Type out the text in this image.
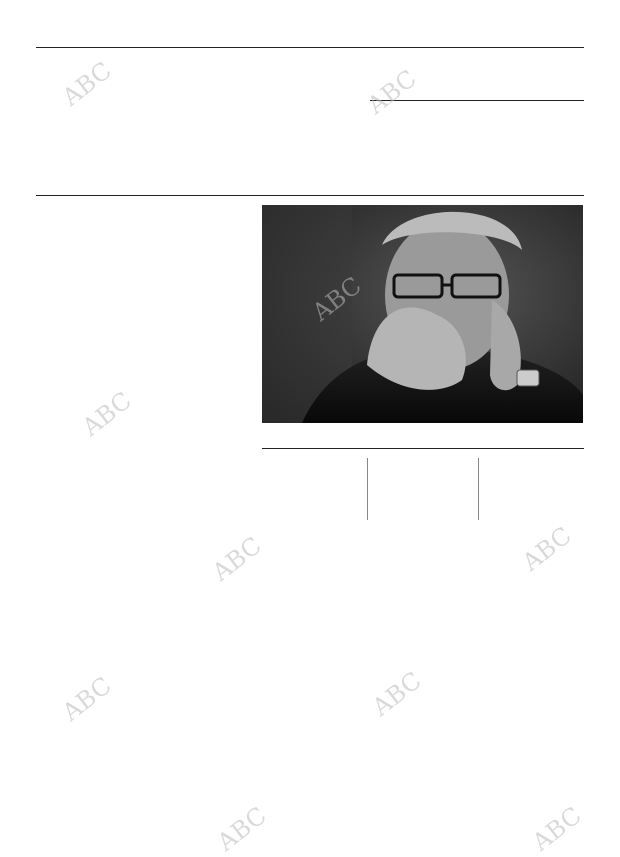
ABC	ABC
ABC
ABC
ABC
ABC
ABC
ABC
ABC	ABC
